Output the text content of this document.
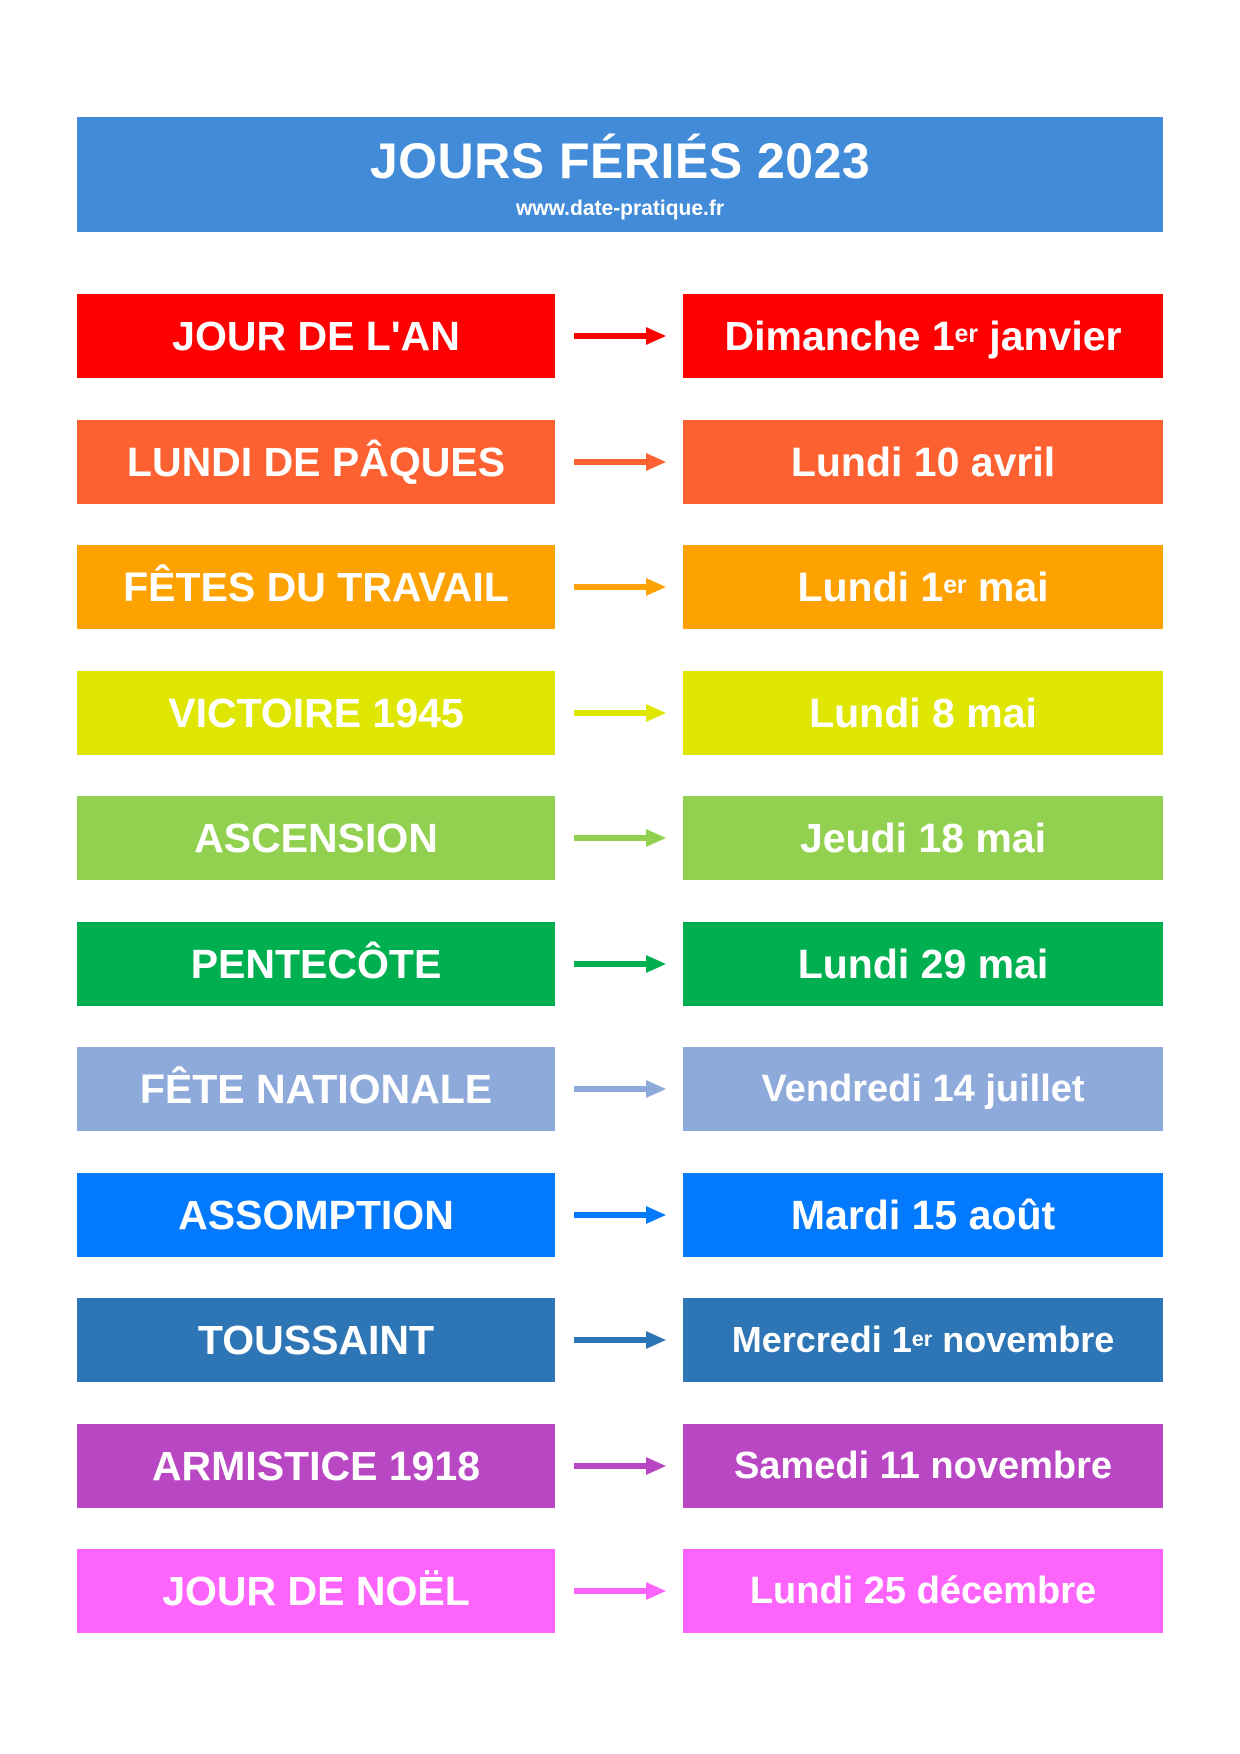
JOURS FÉRIÉS 2023
www.date-pratique.fr
JOUR DE L'AN	Dimanche 1er janvier
LUNDI DE PÂQUES	Lundi 10 avril
FÊTES DU TRAVAIL	Lundi 1er mai
VICTOIRE 1945	Lundi 8 mai
ASCENSION	Jeudi 18 mai
PENTECÔTE	Lundi 29 mai
FÊTE NATIONALE	Vendredi 14 juillet
ASSOMPTION	Mardi 15 août
TOUSSAINT	Mercredi 1er novembre
ARMISTICE 1918	Samedi 11 novembre
JOUR DE NOËL	Lundi 25 décembre
